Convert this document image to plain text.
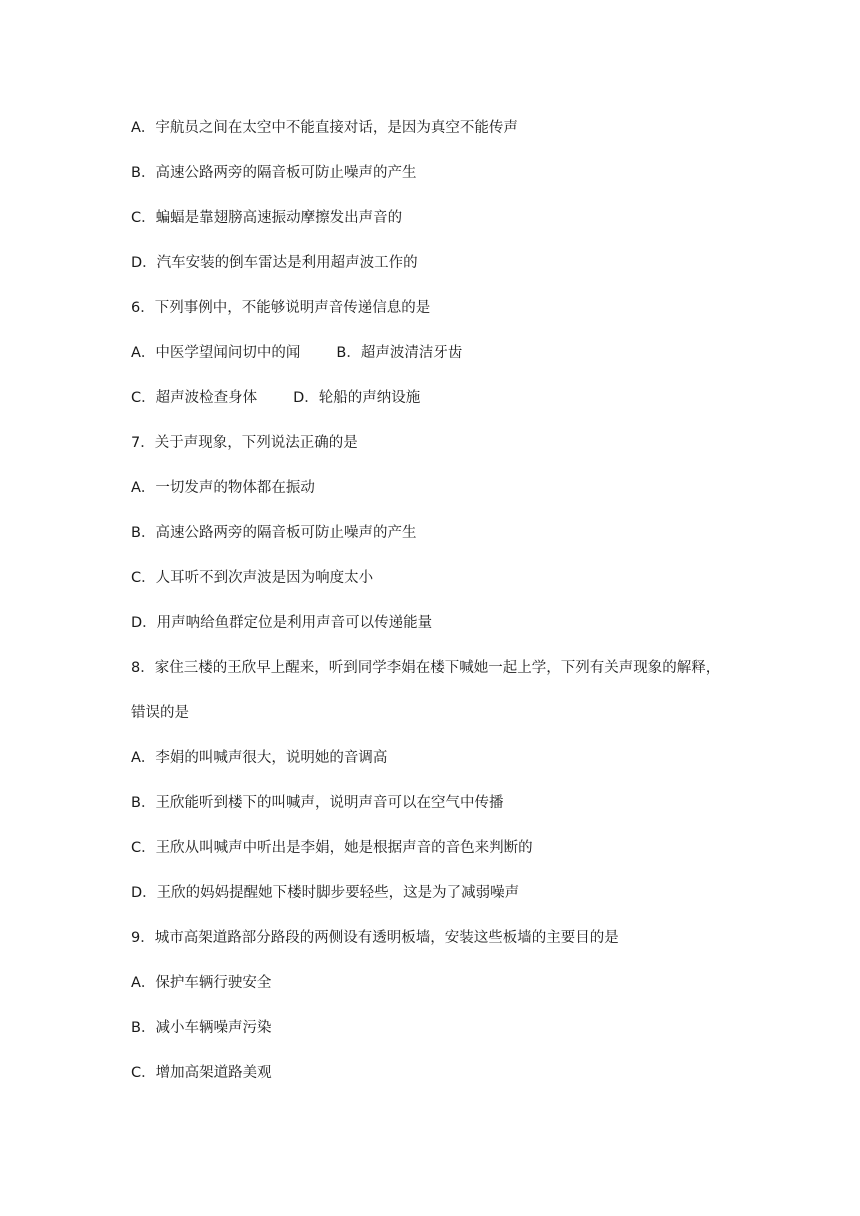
A．宇航员之间在太空中不能直接对话，是因为真空不能传声
B．高速公路两旁的隔音板可防止噪声的产生
C．蝙蝠是靠翅膀高速振动摩擦发出声音的
D．汽车安装的倒车雷达是利用超声波工作的
6．下列事例中，不能够说明声音传递信息的是
A．中医学望闻问切中的闻 B．超声波清洁牙齿
C．超声波检查身体 D．轮船的声纳设施
7．关于声现象，下列说法正确的是
A．一切发声的物体都在振动
B．高速公路两旁的隔音板可防止噪声的产生
C．人耳听不到次声波是因为响度太小
D．用声呐给鱼群定位是利用声音可以传递能量
8．家住三楼的王欣早上醒来，听到同学李娟在楼下喊她一起上学，下列有关声现象的解释，
错误的是
A．李娟的叫喊声很大，说明她的音调高
B．王欣能听到楼下的叫喊声，说明声音可以在空气中传播
C．王欣从叫喊声中听出是李娟，她是根据声音的音色来判断的
D．王欣的妈妈提醒她下楼时脚步要轻些，这是为了减弱噪声
9．城市高架道路部分路段的两侧设有透明板墙，安装这些板墙的主要目的是
A．保护车辆行驶安全
B．减小车辆噪声污染
C．增加高架道路美观
